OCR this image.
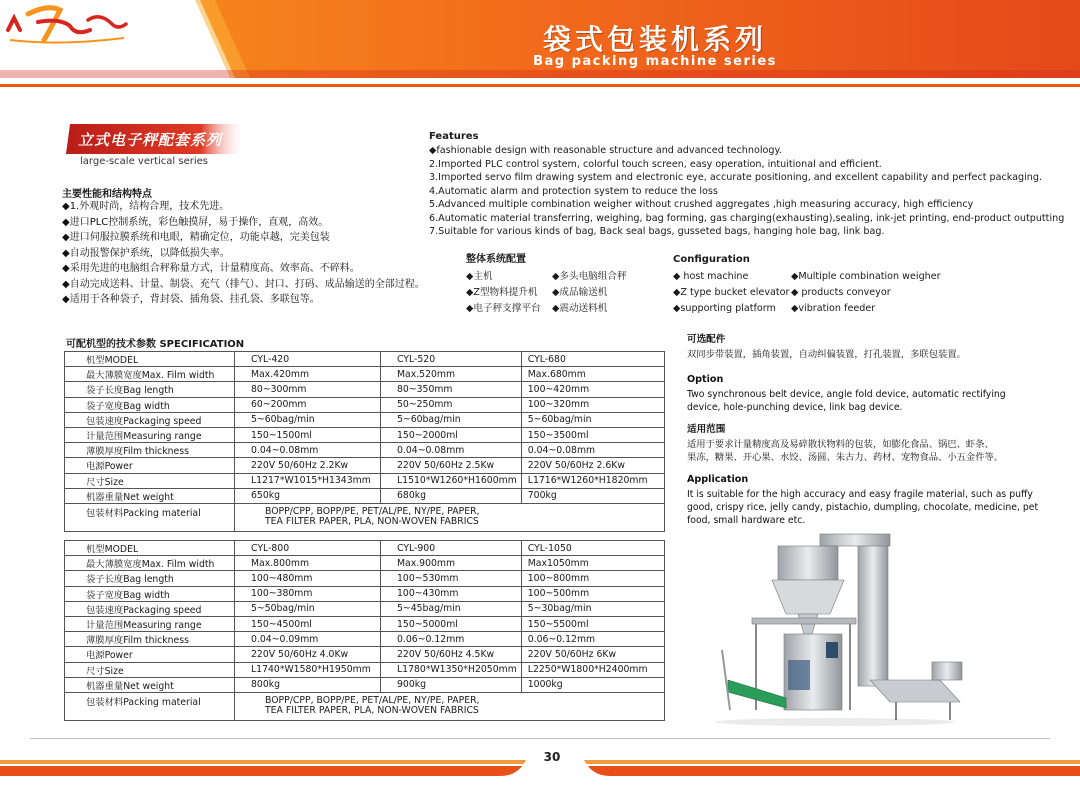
袋式包装机系列
Bag packing machine series
立式电子秤配套系列
large-scale vertical series
主要性能和结构特点
◆1.外观时尚，结构合理，技术先进。
◆进口PLC控制系统，彩色触摸屏，易于操作，直观，高效。
◆进口伺服拉膜系统和电眼，精确定位，功能卓越，完美包装
◆自动报警保护系统，以降低损失率。
◆采用先进的电脑组合秤称量方式，计量精度高、效率高、不碎料。
◆自动完成送料、计量、制袋、充气（排气）、封口、打码、成品输送的全部过程。
◆适用于各种袋子，背封袋、插角袋、挂孔袋、多联包等。
Features
◆fashionable design with reasonable structure and advanced technology.
2.Imported PLC control system, colorful touch screen, easy operation, intuitional and efficient.
3.Imported servo film drawing system and electronic eye, accurate positioning, and excellent capability and perfect packaging.
4.Automatic alarm and protection system to reduce the loss
5.Advanced multiple combination weigher without crushed aggregates ,high measuring accuracy, high efficiency
6.Automatic material transferring, weighing, bag forming, gas charging(exhausting),sealing, ink-jet printing, end-product outputting
7.Suitable for various kinds of bag, Back seal bags, gusseted bags, hanging hole bag, link bag.
整体系统配置
◆主机	◆多头电脑组合秤
◆Z型物料提升机	◆成品输送机
◆电子秤支撑平台	◆震动送料机
Configuration
◆ host machine	◆Multiple combination weigher
◆Z type bucket elevator ◆ products conveyor
◆supporting platform	◆vibration feeder
可配机型的技术参数 SPECIFICATION
机型MODEL	CYL-420	CYL-520	CYL-680
最大薄膜宽度Max. Film width	Max.420mm	Max.520mm	Max.680mm
袋子长度Bag length	80~300mm	80~350mm	100~420mm
袋子宽度Bag width	60~200mm	50~250mm	100~320mm
包装速度Packaging speed	5~60bag/min	5~60bag/min	5~60bag/min
计量范围Measuring range	150~1500ml	150~2000ml	150~3500ml
薄膜厚度Film thickness	0.04~0.08mm	0.04~0.08mm	0.04~0.08mm
电源Power	220V 50/60Hz 2.2Kw	220V 50/60Hz 2.5Kw	220V 50/60Hz 2.6Kw
尺寸Size	L1217*W1015*H1343mm	L1510*W1260*H1600mm	L1716*W1260*H1820mm
机器重量Net weight	650kg	680kg	700kg
包装材料Packing material	BOPP/CPP, BOPP/PE, PET/AL/PE, NY/PE, PAPER,
TEA FILTER PAPER, PLA, NON-WOVEN FABRICS		
机型MODEL	CYL-800	CYL-900	CYL-1050
最大薄膜宽度Max. Film width	Max.800mm	Max.900mm	Max1050mm
袋子长度Bag length	100~480mm	100~530mm	100~800mm
袋子宽度Bag width	100~380mm	100~430mm	100~500mm
包装速度Packaging speed	5~50bag/min	5~45bag/min	5~30bag/min
计量范围Measuring range	150~4500ml	150~5000ml	150~5500ml
薄膜厚度Film thickness	0.04~0.09mm	0.06~0.12mm	0.06~0.12mm
电源Power	220V 50/60Hz 4.0Kw	220V 50/60Hz 4.5Kw	220V 50/60Hz 6Kw
尺寸Size	L1740*W1580*H1950mm	L1780*W1350*H2050mm	L2250*W1800*H2400mm
机器重量Net weight	800kg	900kg	1000kg
包装材料Packing material	BOPP/CPP, BOPP/PE, PET/AL/PE, NY/PE, PAPER,
TEA FILTER PAPER, PLA, NON-WOVEN FABRICS		
可选配件
双同步带装置，插角装置，自动纠偏装置，打孔装置，多联包装置。
Option
Two synchronous belt device, angle fold device, automatic rectifying
device, hole-punching device, link bag device.
适用范围
适用于要求计量精度高及易碎散状物料的包装，如膨化食品、锅巴、虾条、
果冻，糖果、开心果、水饺、汤圆、朱古力、药材、宠物食品、小五金件等。
Application
It is suitable for the high accuracy and easy fragile material, such as puffy
good, crispy rice, jelly candy, pistachio, dumpling, chocolate, medicine, pet
food, small hardware etc.
30
